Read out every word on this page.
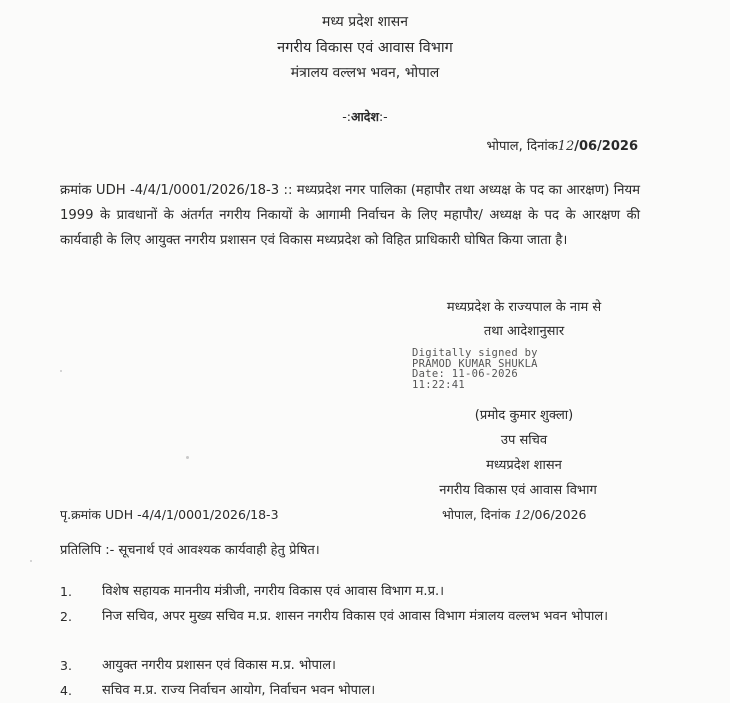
मध्य प्रदेश शासन
नगरीय विकास एवं आवास विभाग
मंत्रालय वल्लभ भवन, भोपाल
-:आदेश:-
भोपाल, दिनांक12/06/2026
क्रमांक UDH -4/4/1/0001/2026/18-3 :: मध्यप्रदेश नगर पालिका (महापौर तथा अध्यक्ष के पद का आरक्षण) नियम 1999 के प्रावधानों के अंतर्गत नगरीय निकायों के आगामी निर्वाचन के लिए महापौर/ अध्यक्ष के पद के आरक्षण की कार्यवाही के लिए आयुक्त नगरीय प्रशासन एवं विकास मध्यप्रदेश को विहित प्राधिकारी घोषित किया जाता है।
मध्यप्रदेश के राज्यपाल के नाम से
तथा आदेशानुसार
Digitally signed by
PRAMOD KUMAR SHUKLA
Date: 11-06-2026
11:22:41
(प्रमोद कुमार शुक्ला)
उप सचिव
मध्यप्रदेश शासन
नगरीय विकास एवं आवास विभाग
पृ.क्रमांक UDH -4/4/1/0001/2026/18-3	भोपाल, दिनांक 12/06/2026
प्रतिलिपि :- सूचनार्थ एवं आवश्यक कार्यवाही हेतु प्रेषित।
1. विशेष सहायक माननीय मंत्रीजी, नगरीय विकास एवं आवास विभाग म.प्र.।
2. निज सचिव, अपर मुख्य सचिव म.प्र. शासन नगरीय विकास एवं आवास विभाग मंत्रालय वल्लभ भवन भोपाल।
3. आयुक्त नगरीय प्रशासन एवं विकास म.प्र. भोपाल।
4. सचिव म.प्र. राज्य निर्वाचन आयोग, निर्वाचन भवन भोपाल।
